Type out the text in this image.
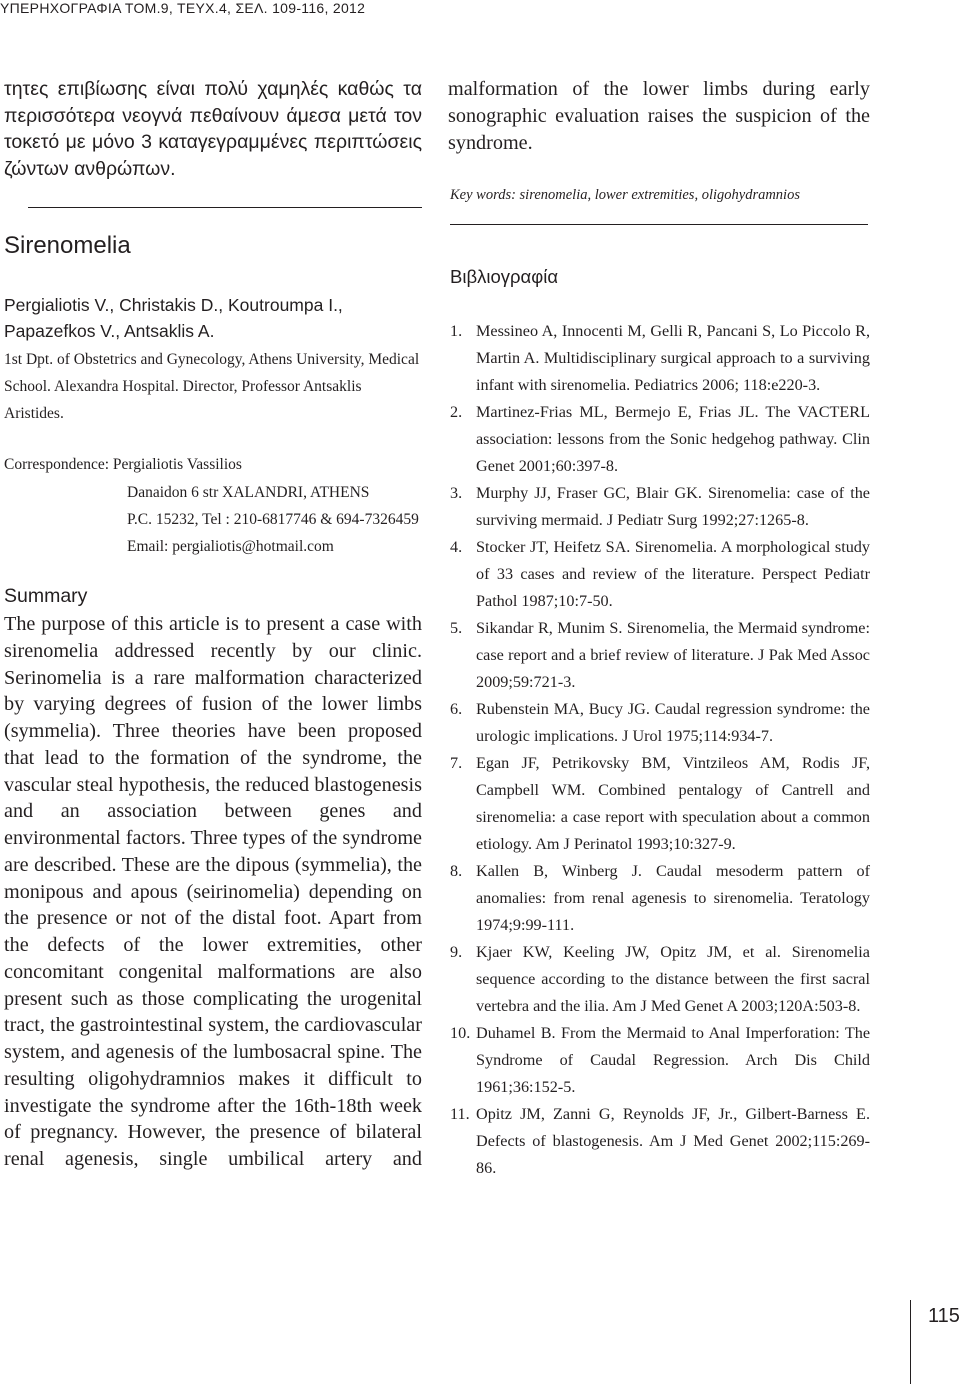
ΥΠΕΡΗΧΟΓΡΑΦΙΑ ΤΟΜ.9, ΤΕΥΧ.4, ΣΕΛ. 109-116, 2012

τητες επιβίωσης είναι πολύ χαμηλές καθώς τα περισσότερα νεογνά πεθαίνουν άμεσα μετά τον τοκετό με μόνο 3 καταγεγραμμένες περιπτώσεις ζώντων ανθρώπων.

Sirenomelia

Pergialiotis V., Christakis D., Koutroumpa I., Papazefkos V., Antsaklis A.

1st Dpt. of Obstetrics and Gynecology, Athens University, Medical School. Alexandra Hospital. Director, Professor Antsaklis Aristides.

Correspondence: Pergialiotis Vassilios

Danaidon 6 str XALANDRI, ATHENS

P.C. 15232, Tel : 210-6817746 & 694-7326459

Email: pergialiotis@hotmail.com

Summary

The purpose of this article is to present a case with sirenomelia addressed recently by our clinic. Serinomelia is a rare malformation characterized by varying degrees of fusion of the lower limbs (symmelia). Three theories have been proposed that lead to the formation of the syndrome, the vascular steal hypothesis, the reduced blastogenesis and an association between genes and environmental factors. Three types of the syndrome are described. These are the dipous (symmelia), the monipous and apous (seirinomelia) depending on the presence or not of the distal foot. Apart from the defects of the lower extremities, other concomitant congenital malformations are also present such as those complicating the urogenital tract, the gastrointestinal system, the cardiovascular system, and agenesis of the lumbosacral spine. The resulting oligohydramnios makes it difficult to investigate the syndrome after the 16th-18th week of pregnancy. However, the presence of bilateral renal agenesis, single umbilical artery and

malformation of the lower limbs during early sonographic evaluation raises the suspicion of the syndrome.

Key words: sirenomelia, lower extremities, oligohydramnios

Βιβλιογραφία
1. Messineo A, Innocenti M, Gelli R, Pancani S, Lo Piccolo R, Martin A. Multidisciplinary surgical approach to a surviving infant with sirenomelia. Pediatrics 2006; 118:e220-3.
2. Martinez-Frias ML, Bermejo E, Frias JL. The VACTERL association: lessons from the Sonic hedgehog pathway. Clin Genet 2001;60:397-8.
3. Murphy JJ, Fraser GC, Blair GK. Sirenomelia: case of the surviving mermaid. J Pediatr Surg 1992;27:1265-8.
4. Stocker JT, Heifetz SA. Sirenomelia. A morphological study of 33 cases and review of the literature. Perspect Pediatr Pathol 1987;10:7-50.
5. Sikandar R, Munim S. Sirenomelia, the Mermaid syndrome: case report and a brief review of literature. J Pak Med Assoc 2009;59:721-3.
6. Rubenstein MA, Bucy JG. Caudal regression syndrome: the urologic implications. J Urol 1975;114:934-7.
7. Egan JF, Petrikovsky BM, Vintzileos AM, Rodis JF, Campbell WM. Combined pentalogy of Cantrell and sirenomelia: a case report with speculation about a common etiology. Am J Perinatol 1993;10:327-9.
8. Kallen B, Winberg J. Caudal mesoderm pattern of anomalies: from renal agenesis to sirenomelia. Teratology 1974;9:99-111.
9. Kjaer KW, Keeling JW, Opitz JM, et al. Sirenomelia sequence according to the distance between the first sacral vertebra and the ilia. Am J Med Genet A 2003;120A:503-8.
10. Duhamel B. From the Mermaid to Anal Imperforation: The Syndrome of Caudal Regression. Arch Dis Child 1961;36:152-5.
11. Opitz JM, Zanni G, Reynolds JF, Jr., Gilbert-Barness E. Defects of blastogenesis. Am J Med Genet 2002;115:269-86.
115
